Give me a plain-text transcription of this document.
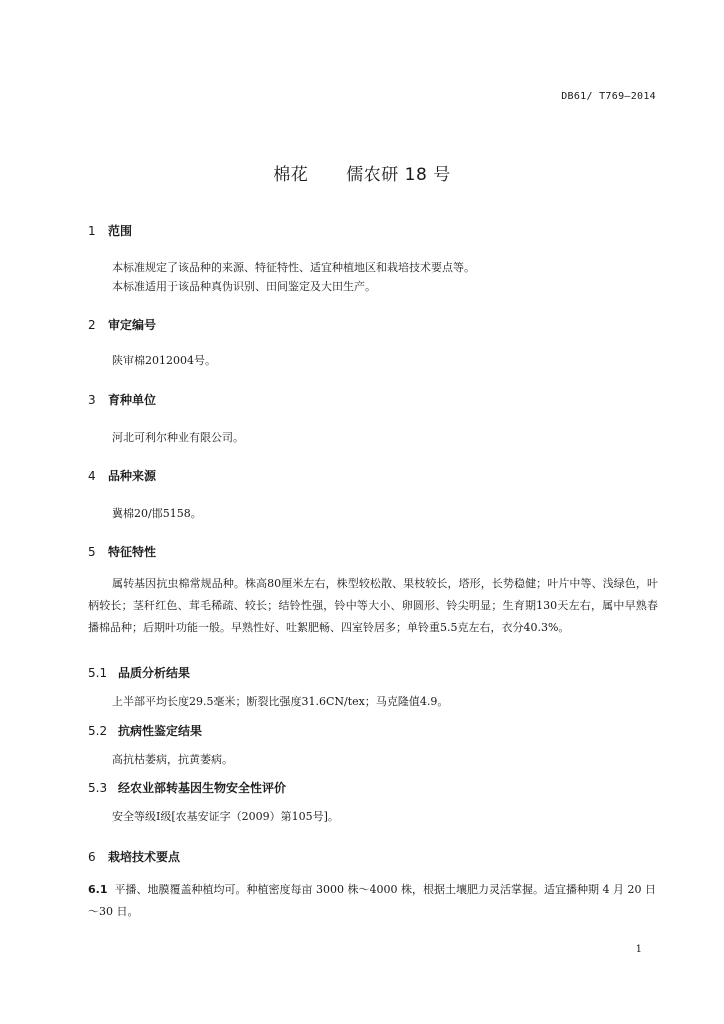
DB61/ T769—2014
棉花 儒农研 18 号
1 范围
本标准规定了该品种的来源、特征特性、适宜种植地区和栽培技术要点等。
本标准适用于该品种真伪识别、田间鉴定及大田生产。
2 审定编号
陕审棉2012004号。
3 育种单位
河北可利尔种业有限公司。
4 品种来源
冀棉20/邯5158。
5 特征特性
属转基因抗虫棉常规品种。株高80厘米左右，株型较松散、果枝较长，塔形，长势稳健；叶片中等、浅绿色，叶柄较长；茎秆红色、茸毛稀疏、较长；结铃性强，铃中等大小、卵圆形、铃尖明显；生育期130天左右，属中早熟春播棉品种；后期叶功能一般。早熟性好、吐絮肥畅、四室铃居多；单铃重5.5克左右，衣分40.3%。
5.1 品质分析结果
上半部平均长度29.5毫米；断裂比强度31.6CN/tex；马克隆值4.9。
5.2 抗病性鉴定结果
高抗枯萎病，抗黄萎病。
5.3 经农业部转基因生物安全性评价
安全等级Ⅰ级[农基安证字（2009）第105号]。
6 栽培技术要点
6.1 平播、地膜覆盖种植均可。种植密度每亩 3000 株～4000 株，根据土壤肥力灵活掌握。适宜播种期 4 月 20 日～30 日。
1
